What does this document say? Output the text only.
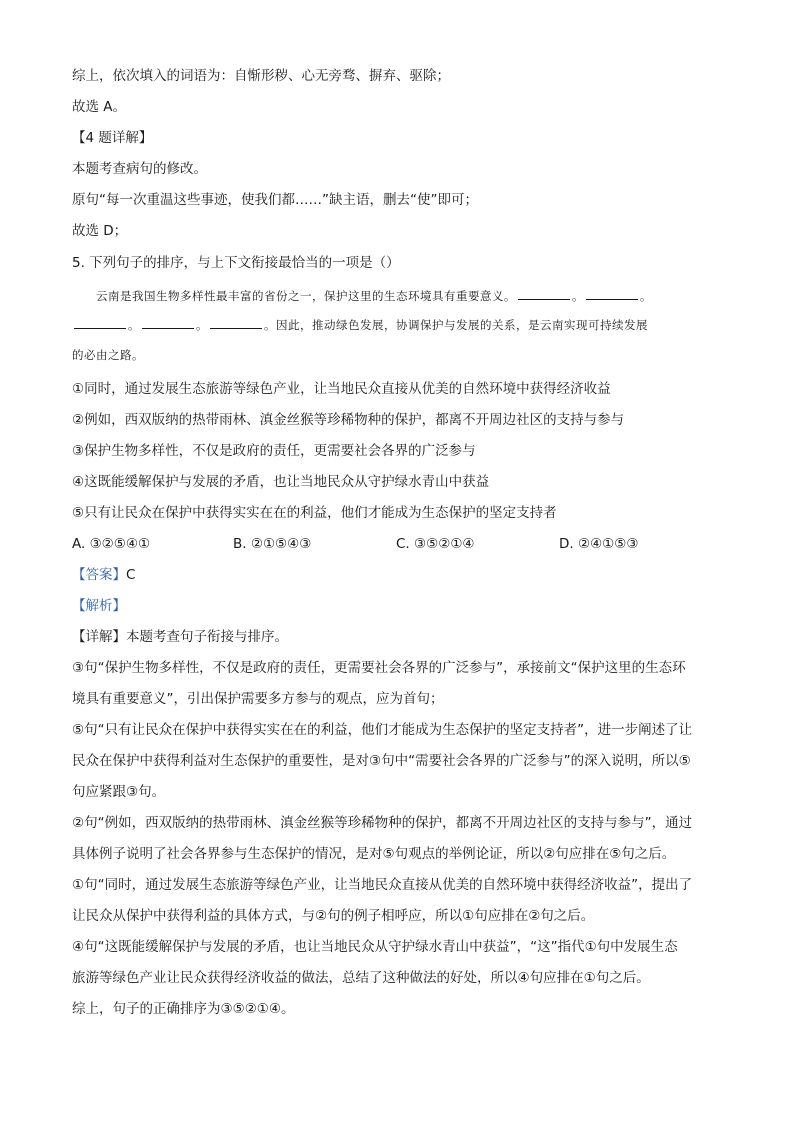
综上，依次填入的词语为：自惭形秽、心无旁骛、摒弃、驱除；
故选 A。
【4 题详解】
本题考查病句的修改。
原句“每一次重温这些事迹，使我们都……”缺主语，删去“使”即可；
故选 D；
5. 下列句子的排序，与上下文衔接最恰当的一项是（）
云南是我国生物多样性最丰富的省份之一，保护这里的生态环境具有重要意义。	。	。
。	。	。因此，推动绿色发展，协调保护与发展的关系，是云南实现可持续发展
的必由之路。
①同时，通过发展生态旅游等绿色产业，让当地民众直接从优美的自然环境中获得经济收益
②例如，西双版纳的热带雨林、滇金丝猴等珍稀物种的保护，都离不开周边社区的支持与参与
③保护生物多样性，不仅是政府的责任，更需要社会各界的广泛参与
④这既能缓解保护与发展的矛盾，也让当地民众从守护绿水青山中获益
⑤只有让民众在保护中获得实实在在的利益，他们才能成为生态保护的坚定支持者
A. ③②⑤④①	B. ②①⑤④③	C. ③⑤②①④	D. ②④①⑤③
【答案】C
【解析】
【详解】本题考查句子衔接与排序。
③句“保护生物多样性，不仅是政府的责任，更需要社会各界的广泛参与”，承接前文“保护这里的生态环
境具有重要意义”，引出保护需要多方参与的观点，应为首句；
⑤句“只有让民众在保护中获得实实在在的利益，他们才能成为生态保护的坚定支持者”，进一步阐述了让
民众在保护中获得利益对生态保护的重要性，是对③句中“需要社会各界的广泛参与”的深入说明，所以⑤
句应紧跟③句。
②句“例如，西双版纳的热带雨林、滇金丝猴等珍稀物种的保护，都离不开周边社区的支持与参与”，通过
具体例子说明了社会各界参与生态保护的情况，是对⑤句观点的举例论证，所以②句应排在⑤句之后。
①句“同时，通过发展生态旅游等绿色产业，让当地民众直接从优美的自然环境中获得经济收益”，提出了
让民众从保护中获得利益的具体方式，与②句的例子相呼应，所以①句应排在②句之后。
④句“这既能缓解保护与发展的矛盾，也让当地民众从守护绿水青山中获益”，“这”指代①句中发展生态
旅游等绿色产业让民众获得经济收益的做法，总结了这种做法的好处，所以④句应排在①句之后。
综上，句子的正确排序为③⑤②①④。
